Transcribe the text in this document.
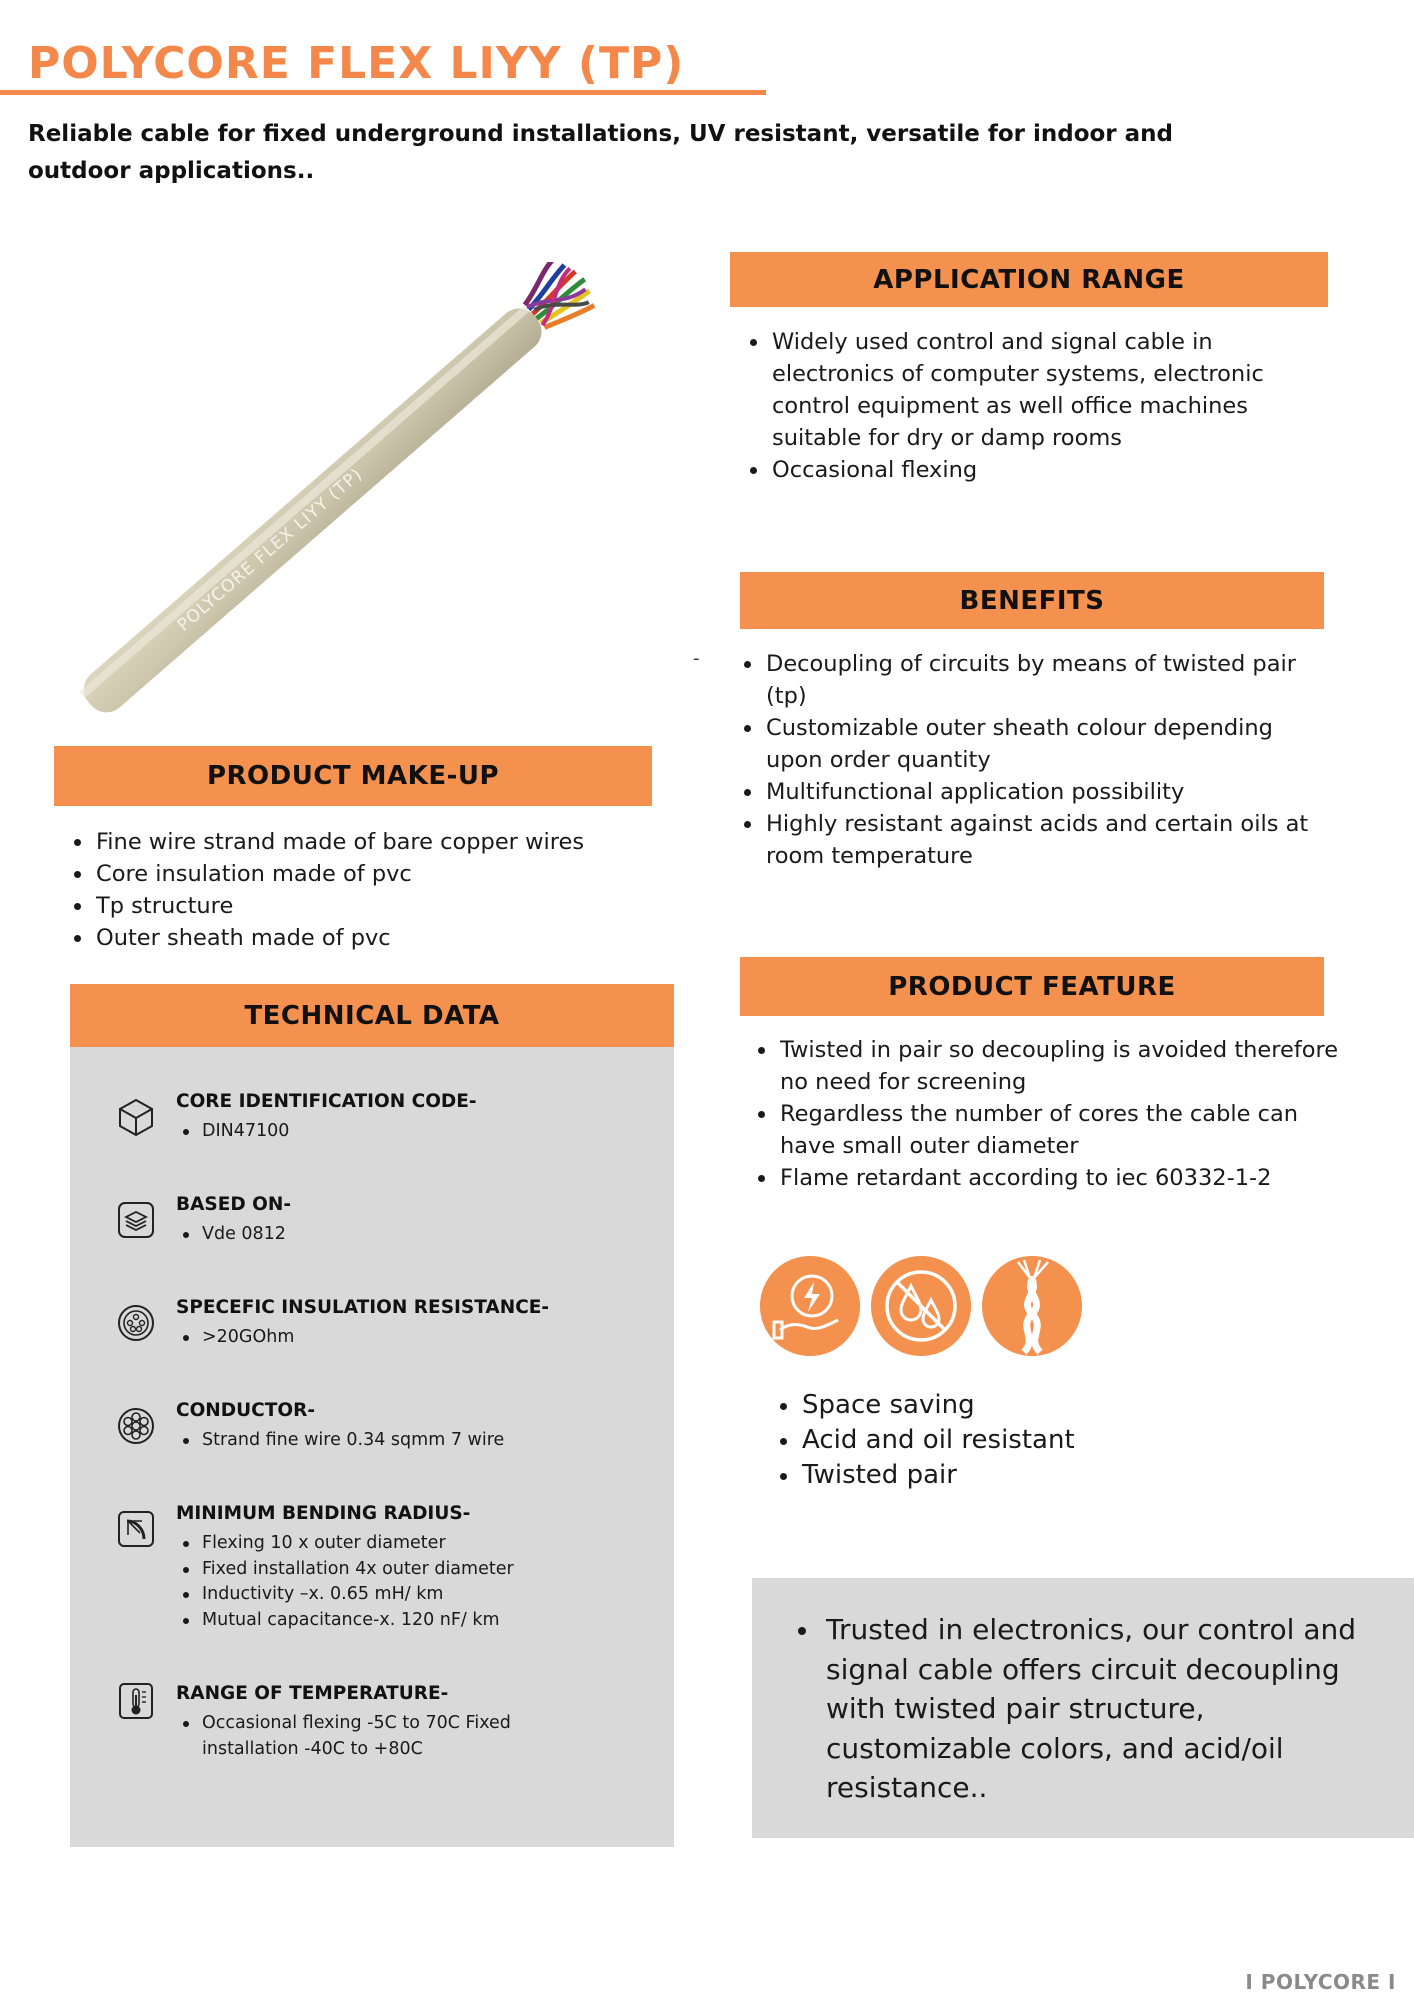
POLYCORE FLEX LIYY (TP)
Reliable cable for fixed underground installations, UV resistant, versatile for indoor and outdoor applications..
POLYCORE FLEX LIYY (TP)
APPLICATION RANGE
Widely used control and signal cable in electronics of computer systems, electronic control equipment as well office machines suitable for dry or damp rooms
Occasional flexing
BENEFITS
-	Decoupling of circuits by means of twisted pair (tp)
Customizable outer sheath colour depending upon order quantity
Multifunctional application possibility
Highly resistant against acids and certain oils at room temperature
PRODUCT MAKE-UP
Fine wire strand made of bare copper wires
Core insulation made of pvc
Tp structure
Outer sheath made of pvc
PRODUCT FEATURE
Twisted in pair so decoupling is avoided therefore no need for screening
Regardless the number of cores the cable can have small outer diameter
Flame retardant according to iec 60332-1-2
TECHNICAL DATA
CORE IDENTIFICATION CODE-
DIN47100
BASED ON-
Vde 0812
SPECEFIC INSULATION RESISTANCE-
>20GOhm
CONDUCTOR-
Strand fine wire 0.34 sqmm 7 wire
MINIMUM BENDING RADIUS-
Flexing 10 x outer diameter
Fixed installation 4x outer diameter
Inductivity –x. 0.65 mH/ km
Mutual capacitance-x. 120 nF/ km
RANGE OF TEMPERATURE-
Occasional flexing -5C to 70C Fixed installation -40C to +80C
Space saving
Acid and oil resistant
Twisted pair
Trusted in electronics, our control and signal cable offers circuit decoupling with twisted pair structure, customizable colors, and acid/oil resistance..
I POLYCORE I
